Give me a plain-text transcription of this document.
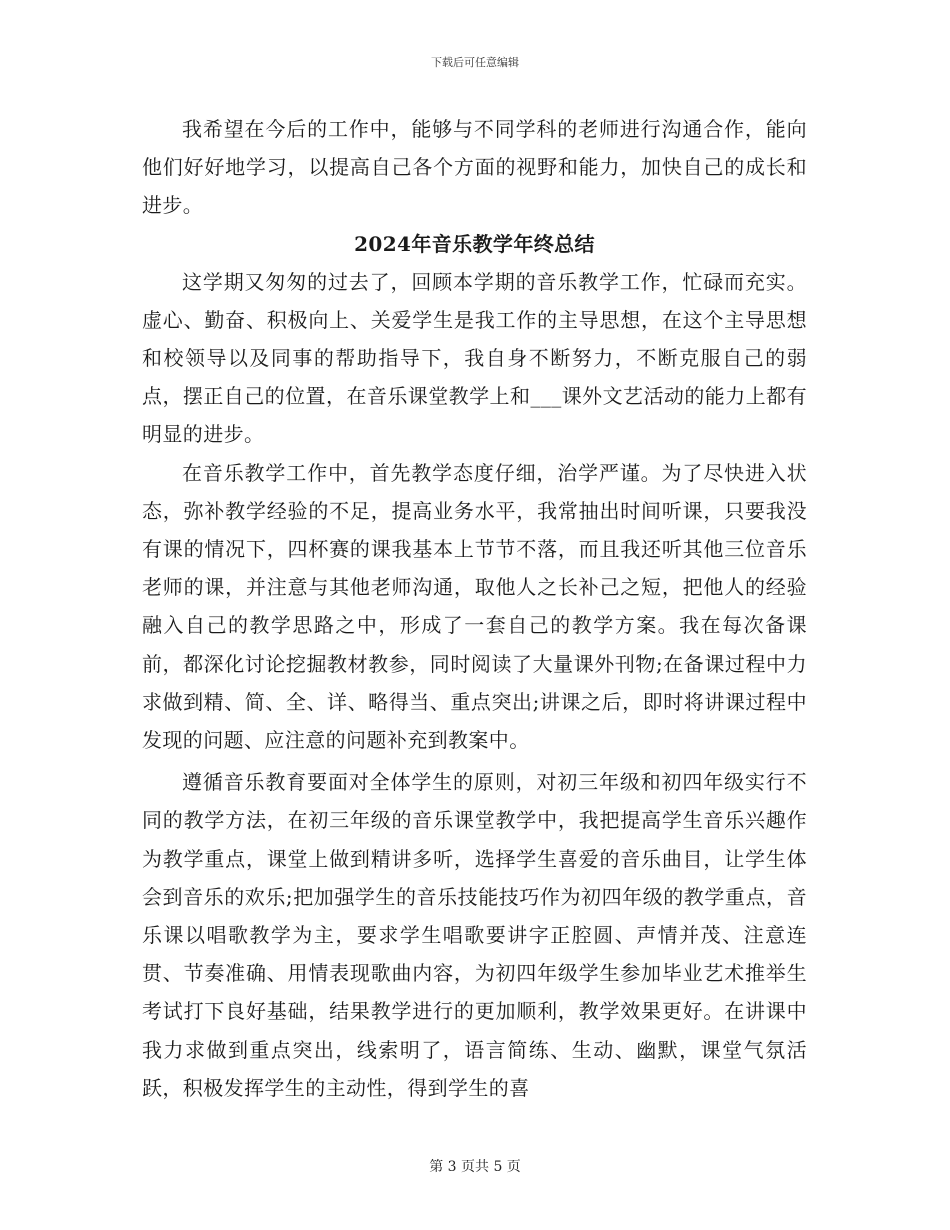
下载后可任意编辑

我希望在今后的工作中，能够与不同学科的老师进行沟通合作，能向他们好好地学习，以提高自己各个方面的视野和能力，加快自己的成长和进步。

2024年音乐教学年终总结

这学期又匆匆的过去了，回顾本学期的音乐教学工作，忙碌而充实。虚心、勤奋、积极向上、关爱学生是我工作的主导思想，在这个主导思想和校领导以及同事的帮助指导下，我自身不断努力，不断克服自己的弱点，摆正自己的位置，在音乐课堂教学上和___课外文艺活动的能力上都有明显的进步。

在音乐教学工作中，首先教学态度仔细，治学严谨。为了尽快进入状态，弥补教学经验的不足，提高业务水平，我常抽出时间听课，只要我没有课的情况下，四杯赛的课我基本上节节不落，而且我还听其他三位音乐老师的课，并注意与其他老师沟通，取他人之长补己之短，把他人的经验融入自己的教学思路之中，形成了一套自己的教学方案。我在每次备课前，都深化讨论挖掘教材教参，同时阅读了大量课外刊物;在备课过程中力求做到精、简、全、详、略得当、重点突出;讲课之后，即时将讲课过程中发现的问题、应注意的问题补充到教案中。

遵循音乐教育要面对全体学生的原则，对初三年级和初四年级实行不同的教学方法，在初三年级的音乐课堂教学中，我把提高学生音乐兴趣作为教学重点，课堂上做到精讲多听，选择学生喜爱的音乐曲目，让学生体会到音乐的欢乐;把加强学生的音乐技能技巧作为初四年级的教学重点，音乐课以唱歌教学为主，要求学生唱歌要讲字正腔圆、声情并茂、注意连贯、节奏准确、用情表现歌曲内容，为初四年级学生参加毕业艺术推举生考试打下良好基础，结果教学进行的更加顺利，教学效果更好。在讲课中我力求做到重点突出，线索明了，语言简练、生动、幽默，课堂气氛活跃，积极发挥学生的主动性，得到学生的喜

第 3 页共 5 页
